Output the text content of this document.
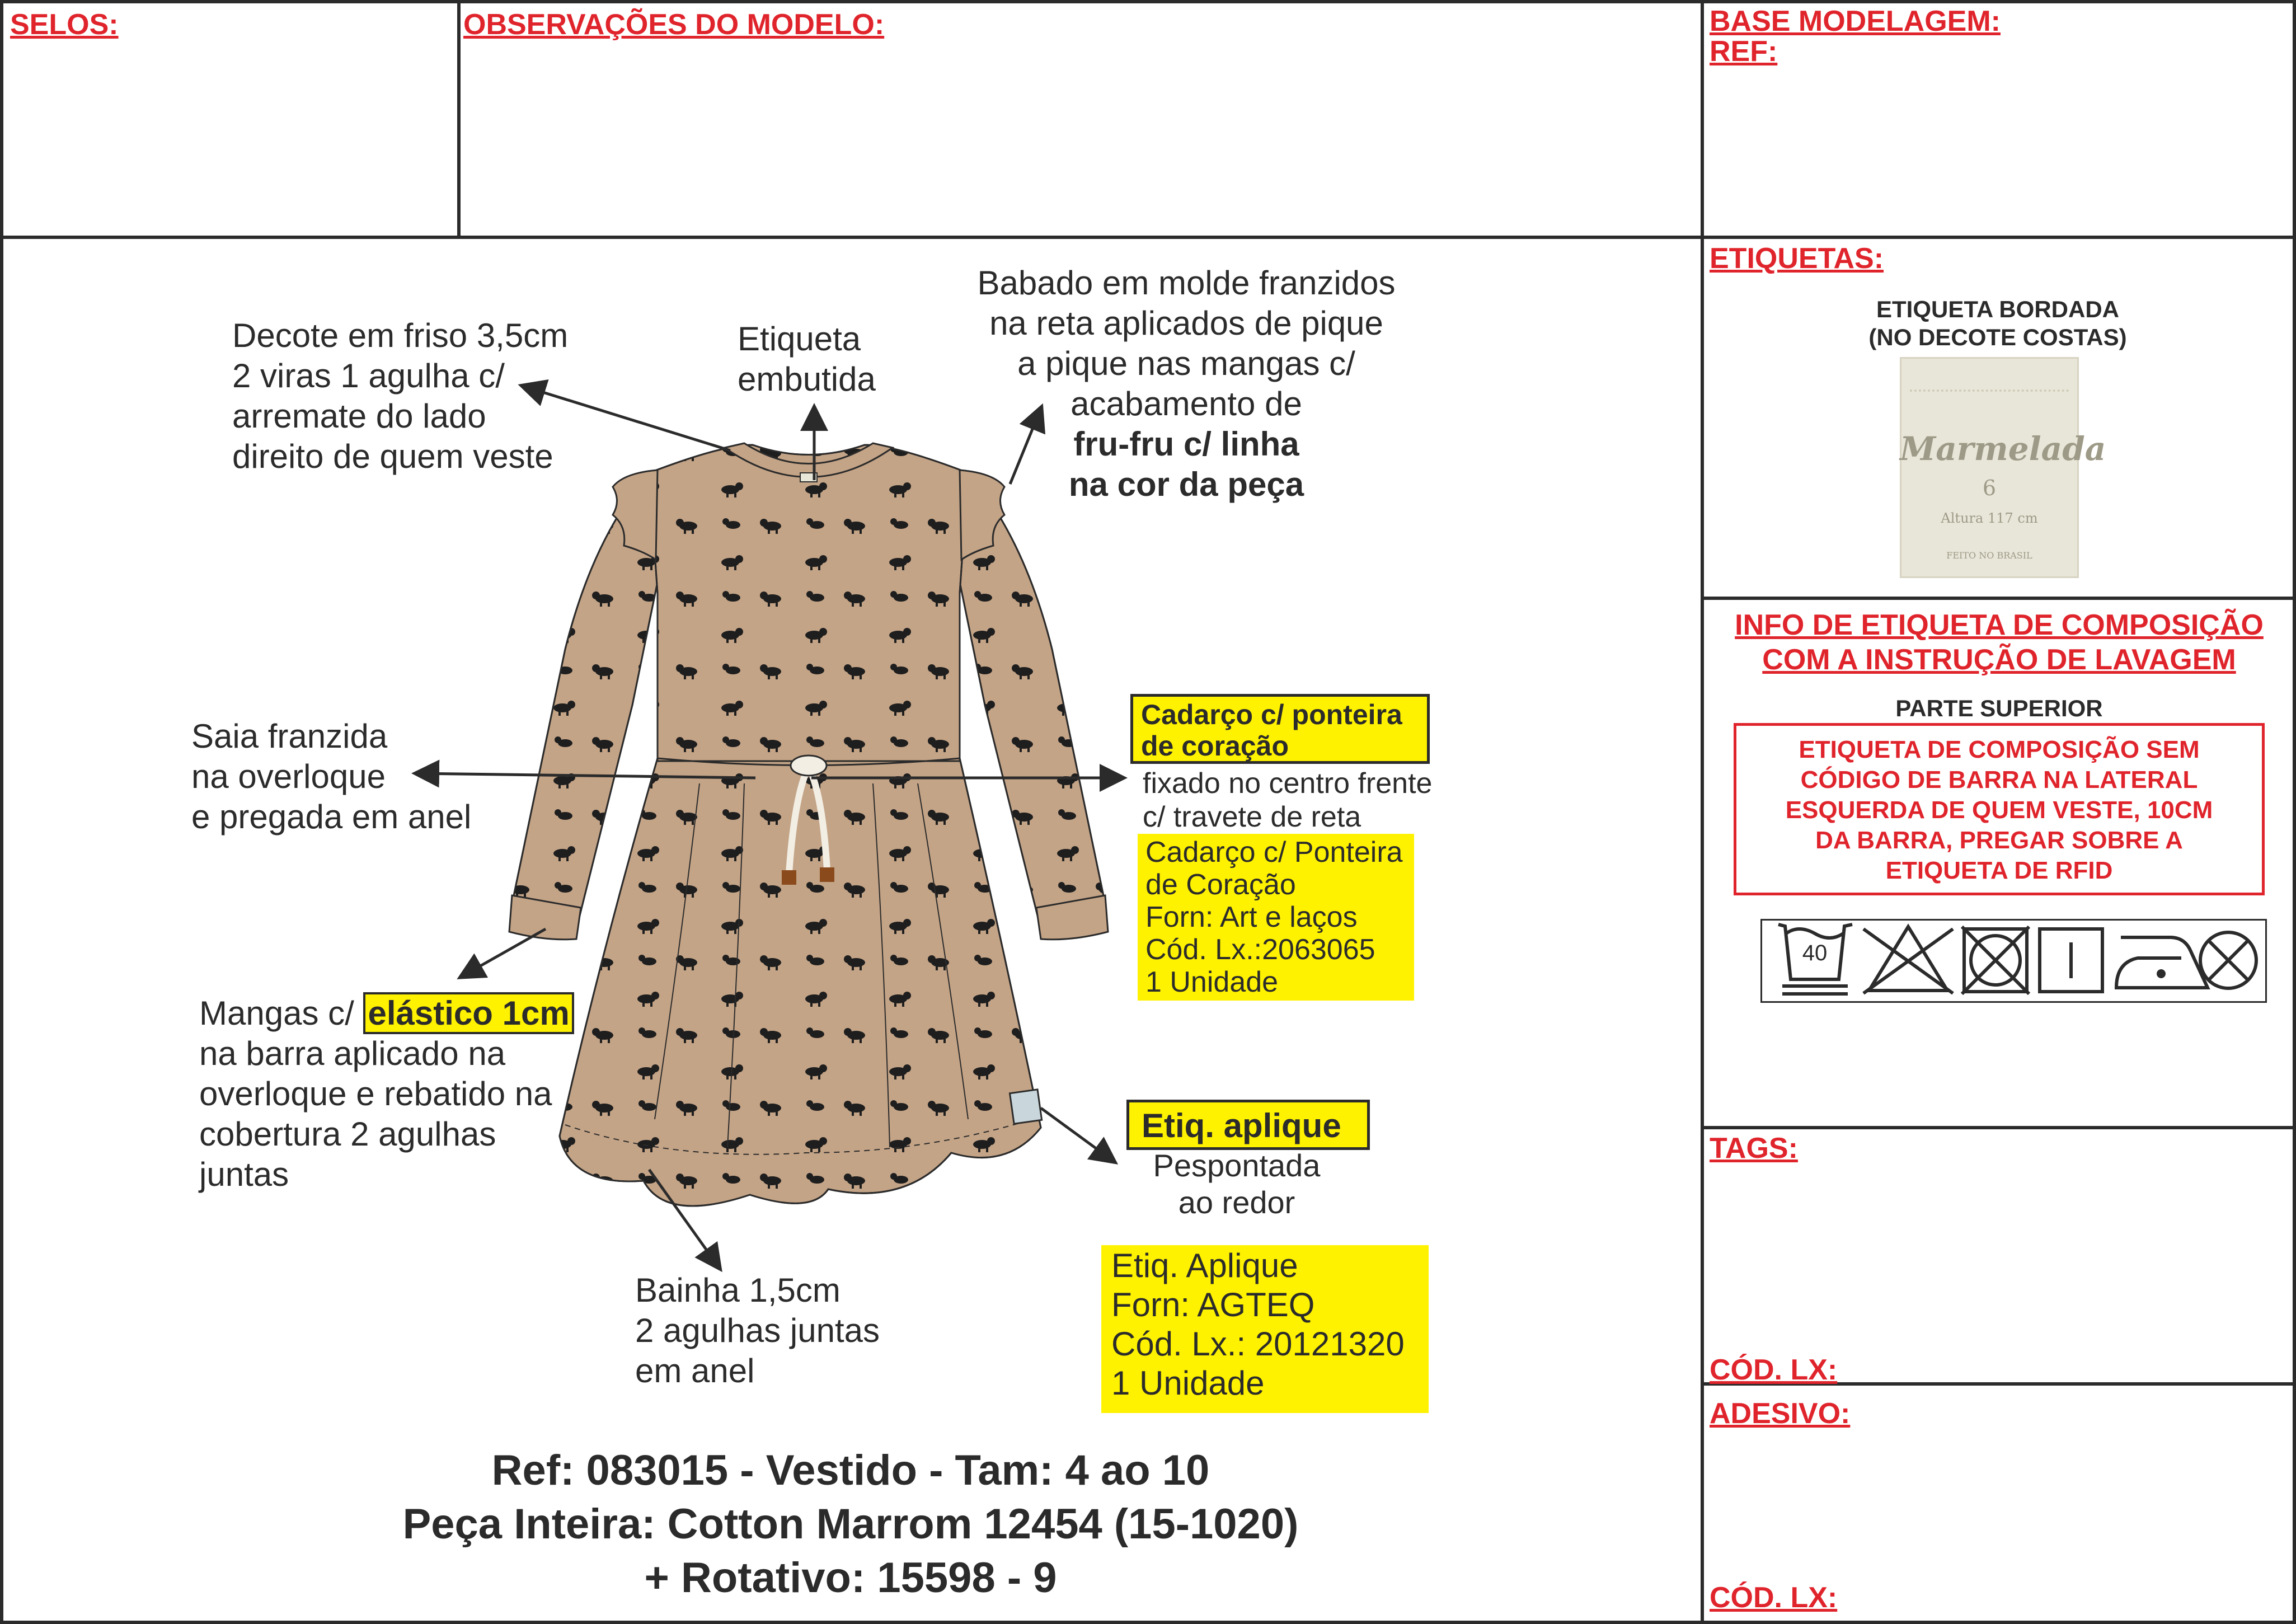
SELOS:	OBSERVAÇÕES DO MODELO:	BASE MODELAGEM:
REF:
ETIQUETAS:
TAGS:
CÓD. LX:
ADESIVO:
CÓD. LX:
ETIQUETA BORDADA
(NO DECOTE COSTAS)
Marmelada
6
Altura 117 cm
FEITO NO BRASIL
INFO DE ETIQUETA DE COMPOSIÇÃO
COM A INSTRUÇÃO DE LAVAGEM
PARTE SUPERIOR
ETIQUETA DE COMPOSIÇÃO SEM
CÓDIGO DE BARRA NA LATERAL
ESQUERDA DE QUEM VESTE, 10CM
DA BARRA, PREGAR SOBRE A
ETIQUETA DE RFID
40
Decote em friso 3,5cm
2 viras 1 agulha c/
arremate do lado
direito de quem veste
Etiqueta
embutida
Babado em molde franzidos
na reta aplicados de pique
a pique nas mangas c/
acabamento de
fru-fru c/ linha
na cor da peça
Saia franzida
na overloque
e pregada em anel
Cadarço c/ ponteira
de coração
fixado no centro frente
c/ travete de reta
Cadarço c/ Ponteira
de Coração
Forn: Art e laços
Cód. Lx.:2063065
1 Unidade
Mangas c/ elástico 1cm
na barra aplicado na
overloque e rebatido na
cobertura 2 agulhas
juntas
Etiq. aplique
Pespontada
ao redor
Etiq. Aplique
Forn: AGTEQ
Cód. Lx.: 20121320
1 Unidade
Bainha 1,5cm
2 agulhas juntas
em anel
Ref: 083015 - Vestido - Tam: 4 ao 10
Peça Inteira: Cotton Marrom 12454 (15-1020)
+ Rotativo: 15598 - 9
